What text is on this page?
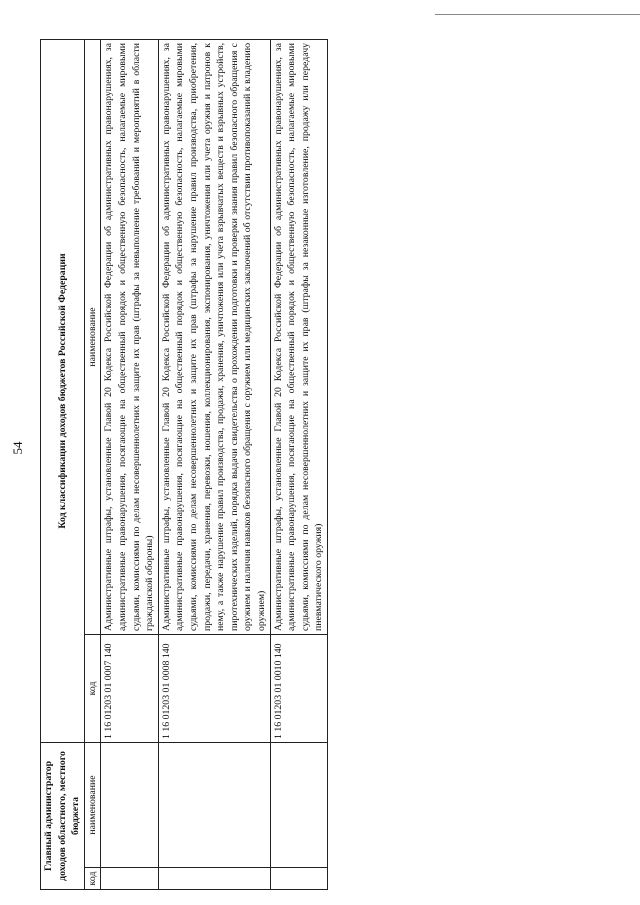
54
Главный администратор доходов областного, местного бюджета		Код классификации доходов бюджетов Российской Федерации	
код	наименование	код	наименование
		1 16 01203 01 0007 140	Административные штрафы, установленные Главой 20 Кодекса Российской Федерации об административных правонарушениях, за административные правонарушения, посягающие на общественный порядок и общественную безопасность, налагаемые мировыми судьями, комиссиями по делам несовершеннолетних и защите их прав (штрафы за невыполнение требований и мероприятий в области гражданской обороны)
		1 16 01203 01 0008 140	Административные штрафы, установленные Главой 20 Кодекса Российской Федерации об административных правонарушениях, за административные правонарушения, посягающие на общественный порядок и общественную безопасность, налагаемые мировыми судьями, комиссиями по делам несовершеннолетних и защите их прав (штрафы за нарушение правил производства, приобретения, продажи, передачи, хранения, перевозки, ношения, коллекционирования, экспонирования, уничтожения или учета оружия и патронов к нему, а также нарушение правил производства, продажи, хранения, уничтожения или учета взрывчатых веществ и взрывных устройств, пиротехнических изделий, порядка выдачи свидетельства о прохождении подготовки и проверки знания правил безопасного обращения с оружием и наличия навыков безопасного обращения с оружием или медицинских заключений об отсутствии противопоказаний к владению оружием)
		1 16 01203 01 0010 140	Административные штрафы, установленные Главой 20 Кодекса Российской Федерации об административных правонарушениях, за административные правонарушения, посягающие на общественный порядок и общественную безопасность, налагаемые мировыми судьями, комиссиями по делам несовершеннолетних и защите их прав (штрафы за незаконные изготовление, продажу или передачу пневматического оружия)
